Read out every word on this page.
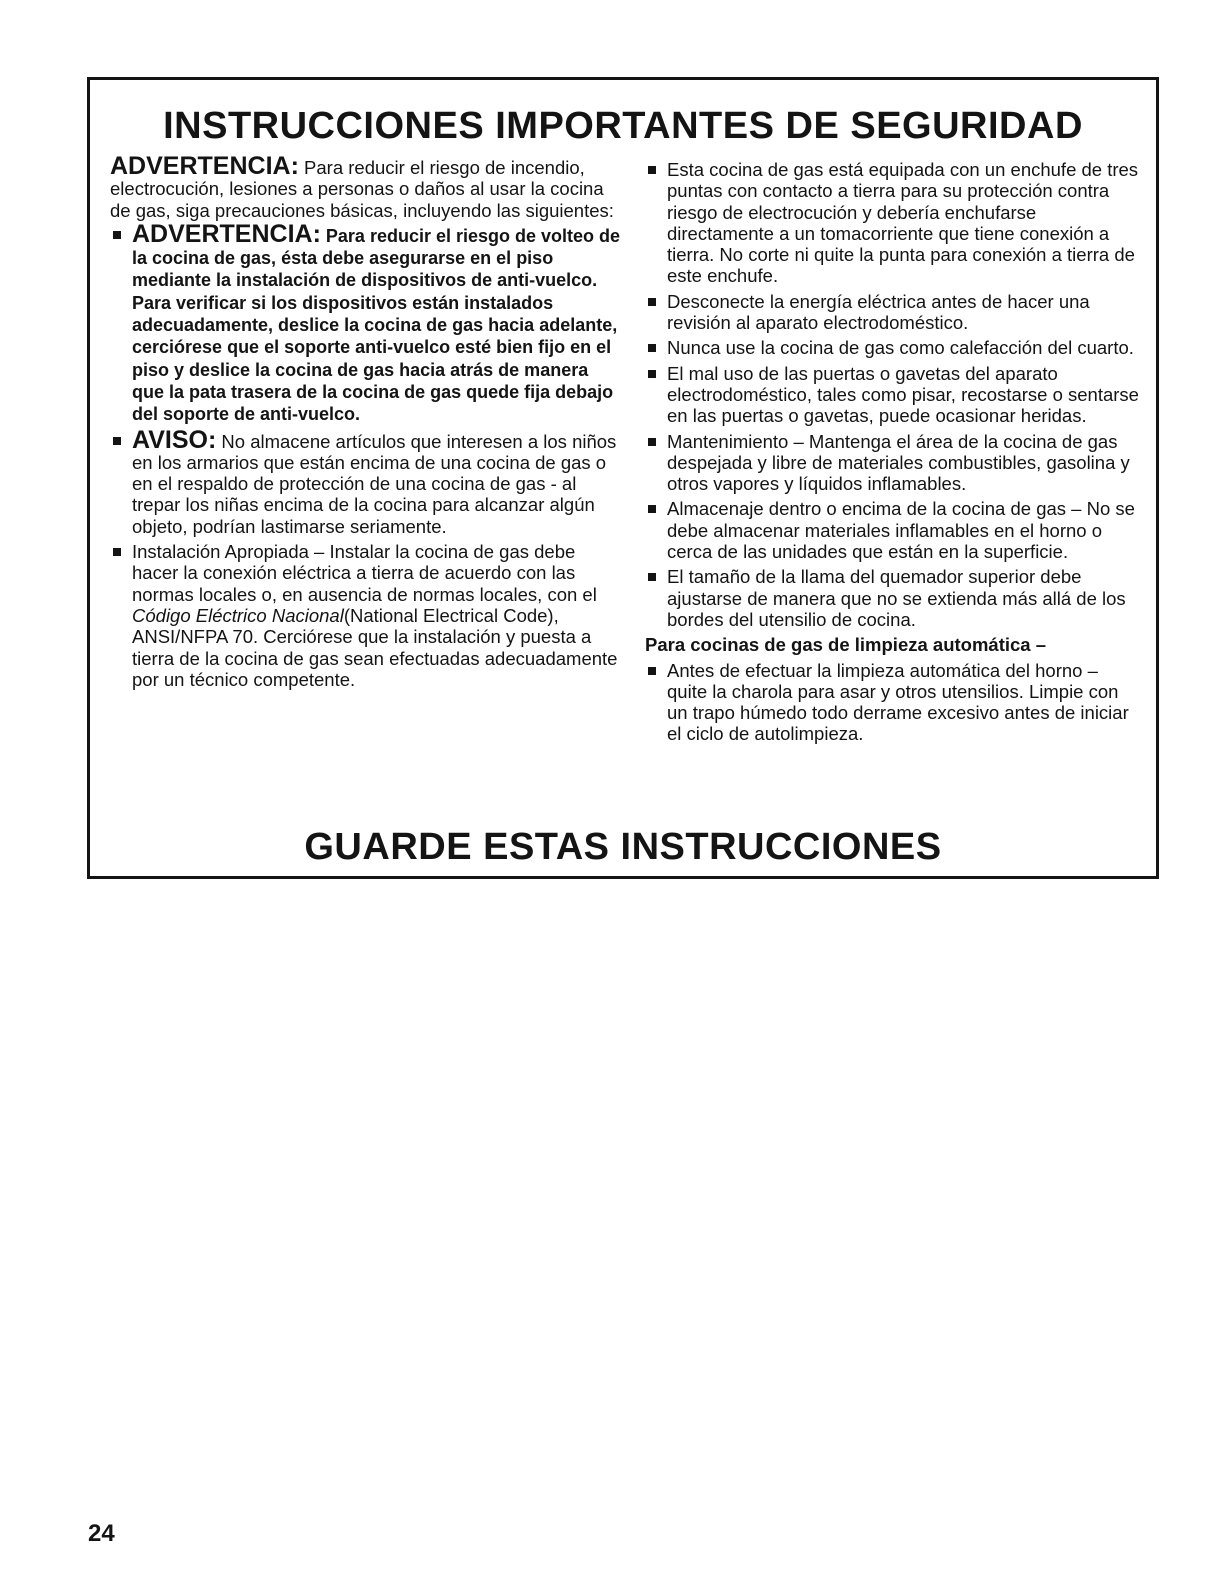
INSTRUCCIONES IMPORTANTES DE SEGURIDAD
ADVERTENCIA: Para reducir el riesgo de incendio, electrocución, lesiones a personas o daños al usar la cocina de gas, siga precauciones básicas, incluyendo las siguientes:
ADVERTENCIA: Para reducir el riesgo de volteo de la cocina de gas, ésta debe asegurarse en el piso mediante la instalación de dispositivos de anti-vuelco. Para verificar si los dispositivos están instalados adecuadamente, deslice la cocina de gas hacia adelante, cerciórese que el soporte anti-vuelco esté bien fijo en el piso y deslice la cocina de gas hacia atrás de manera que la pata trasera de la cocina de gas quede fija debajo del soporte de anti-vuelco.
AVISO: No almacene artículos que interesen a los niños en los armarios que están encima de una cocina de gas o en el respaldo de protección de una cocina de gas - al trepar los niñas encima de la cocina para alcanzar algún objeto, podrían lastimarse seriamente.
Instalación Apropiada – Instalar la cocina de gas debe hacer la conexión eléctrica a tierra de acuerdo con las normas locales o, en ausencia de normas locales, con el Código Eléctrico Nacional(National Electrical Code), ANSI/NFPA 70. Cerciórese que la instalación y puesta a tierra de la cocina de gas sean efectuadas adecuadamente por un técnico competente.
Esta cocina de gas está equipada con un enchufe de tres puntas con contacto a tierra para su protección contra riesgo de electrocución y debería enchufarse directamente a un tomacorriente que tiene conexión a tierra. No corte ni quite la punta para conexión a tierra de este enchufe.
Desconecte la energía eléctrica antes de hacer una revisión al aparato electrodoméstico.
Nunca use la cocina de gas como calefacción del cuarto.
El mal uso de las puertas o gavetas del aparato electrodoméstico, tales como pisar, recostarse o sentarse en las puertas o gavetas, puede ocasionar heridas.
Mantenimiento – Mantenga el área de la cocina de gas despejada y libre de materiales combustibles, gasolina y otros vapores y líquidos inflamables.
Almacenaje dentro o encima de la cocina de gas – No se debe almacenar materiales inflamables en el horno o cerca de las unidades que están en la superficie.
El tamaño de la llama del quemador superior debe ajustarse de manera que no se extienda más allá de los bordes del utensilio de cocina.
Para cocinas de gas de limpieza automática –
Antes de efectuar la limpieza automática del horno – quite la charola para asar y otros utensilios. Limpie con un trapo húmedo todo derrame excesivo antes de iniciar el ciclo de autolimpieza.
GUARDE ESTAS INSTRUCCIONES
24
